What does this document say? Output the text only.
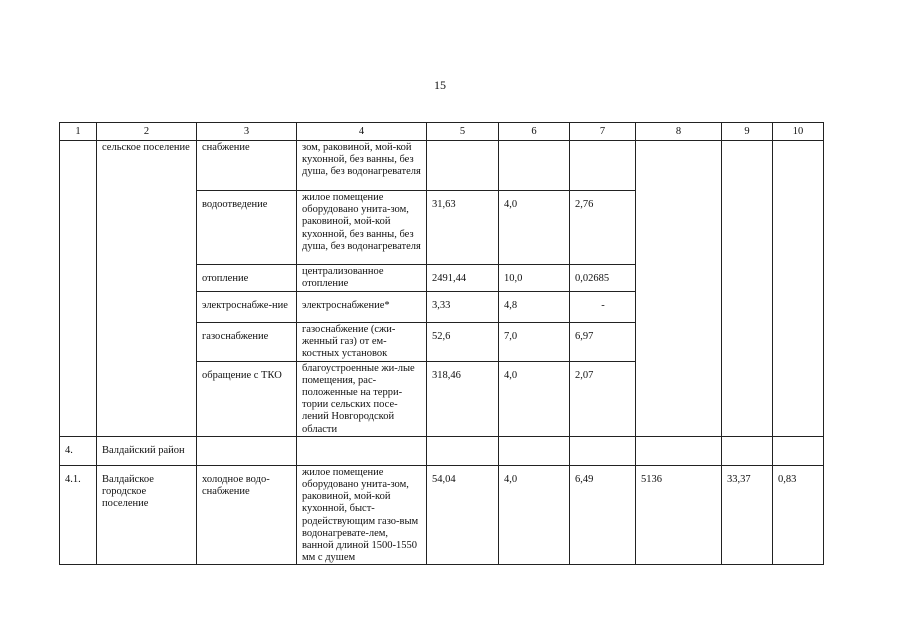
15
1	2	3	4	5	6	7	8	9	10
	сельское поселение	снабжение	зом, раковиной, мой-кой кухонной, без ванны, без душа, без водонагревателя						
		водоотведение	жилое помещение оборудовано унита-зом, раковиной, мой-кой кухонной, без ванны, без душа, без водонагревателя	31,63	4,0	2,76			
		отопление	централизованное отопление	2491,44	10,0	0,02685			
		электроснабже-ние	электроснабжение*	3,33	4,8	-			
		газоснабжение	газоснабжение (сжи-женный газ) от ем-костных установок	52,6	7,0	6,97			
		обращение с ТКО	благоустроенные жи-лые помещения, рас-положенные на терри-тории сельских посе-лений Новгородской области	318,46	4,0	2,07			
4.	Валдайский район								
4.1.	Валдайское городское поселение	холодное водо-снабжение	жилое помещение оборудовано унита-зом, раковиной, мой-кой кухонной, быст-родействующим газо-вым водонагревате-лем, ванной длиной 1500-1550 мм с душем	54,04	4,0	6,49	5136	33,37	0,83
